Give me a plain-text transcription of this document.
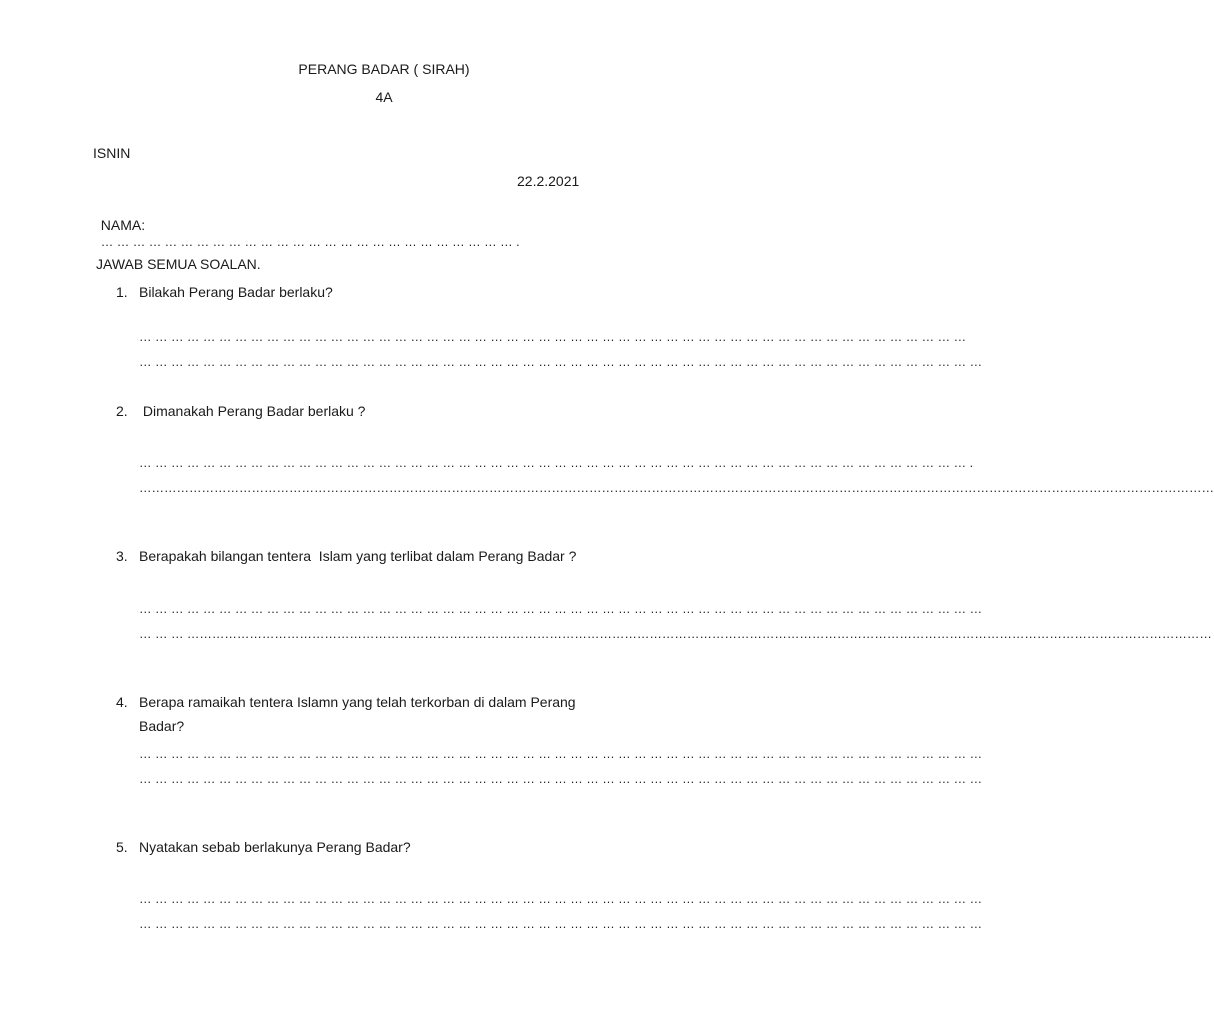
PERANG BADAR ( SIRAH)
4A
ISNIN
22.2.2021

NAMA:
… … … … … … … … … … … … … … … … … … … … … … … … … … .

JAWAB SEMUA SOALAN.
1. Bilakah Perang Badar berlaku?
… … … … … … … … … … … … … … … … … … … … … … … … … … … … … … … … … … … … … … … … … … … … … … … … … … … …
… … … … … … … … … … … … … … … … … … … … … … … … … … … … … … … … … … … … … … … … … … … … … … … … … … … … …
2. Dimanakah Perang Badar berlaku ?
… … … … … … … … … … … … … … … … … … … … … … … … … … … … … … … … … … … … … … … … … … … … … … … … … … … … .
……………………………………………………………………………………………………………………………………………………………………………………………………………………………………
3. Berapakah bilangan tentera  Islam yang terlibat dalam Perang Badar ?
… … … … … … … … … … … … … … … … … … … … … … … … … … … … … … … … … … … … … … … … … … … … … … … … … … … … …
… … … …………………………………………………………………………………………………………………………………………………………………………………………………………………………
4. Berapa ramaikah tentera Islamn yang telah terkorban di dalam Perang
Badar?
… … … … … … … … … … … … … … … … … … … … … … … … … … … … … … … … … … … … … … … … … … … … … … … … … … … … …
… … … … … … … … … … … … … … … … … … … … … … … … … … … … … … … … … … … … … … … … … … … … … … … … … … … … …
5. Nyatakan sebab berlakunya Perang Badar?
… … … … … … … … … … … … … … … … … … … … … … … … … … … … … … … … … … … … … … … … … … … … … … … … … … … … …
… … … … … … … … … … … … … … … … … … … … … … … … … … … … … … … … … … … … … … … … … … … … … … … … … … … … …
